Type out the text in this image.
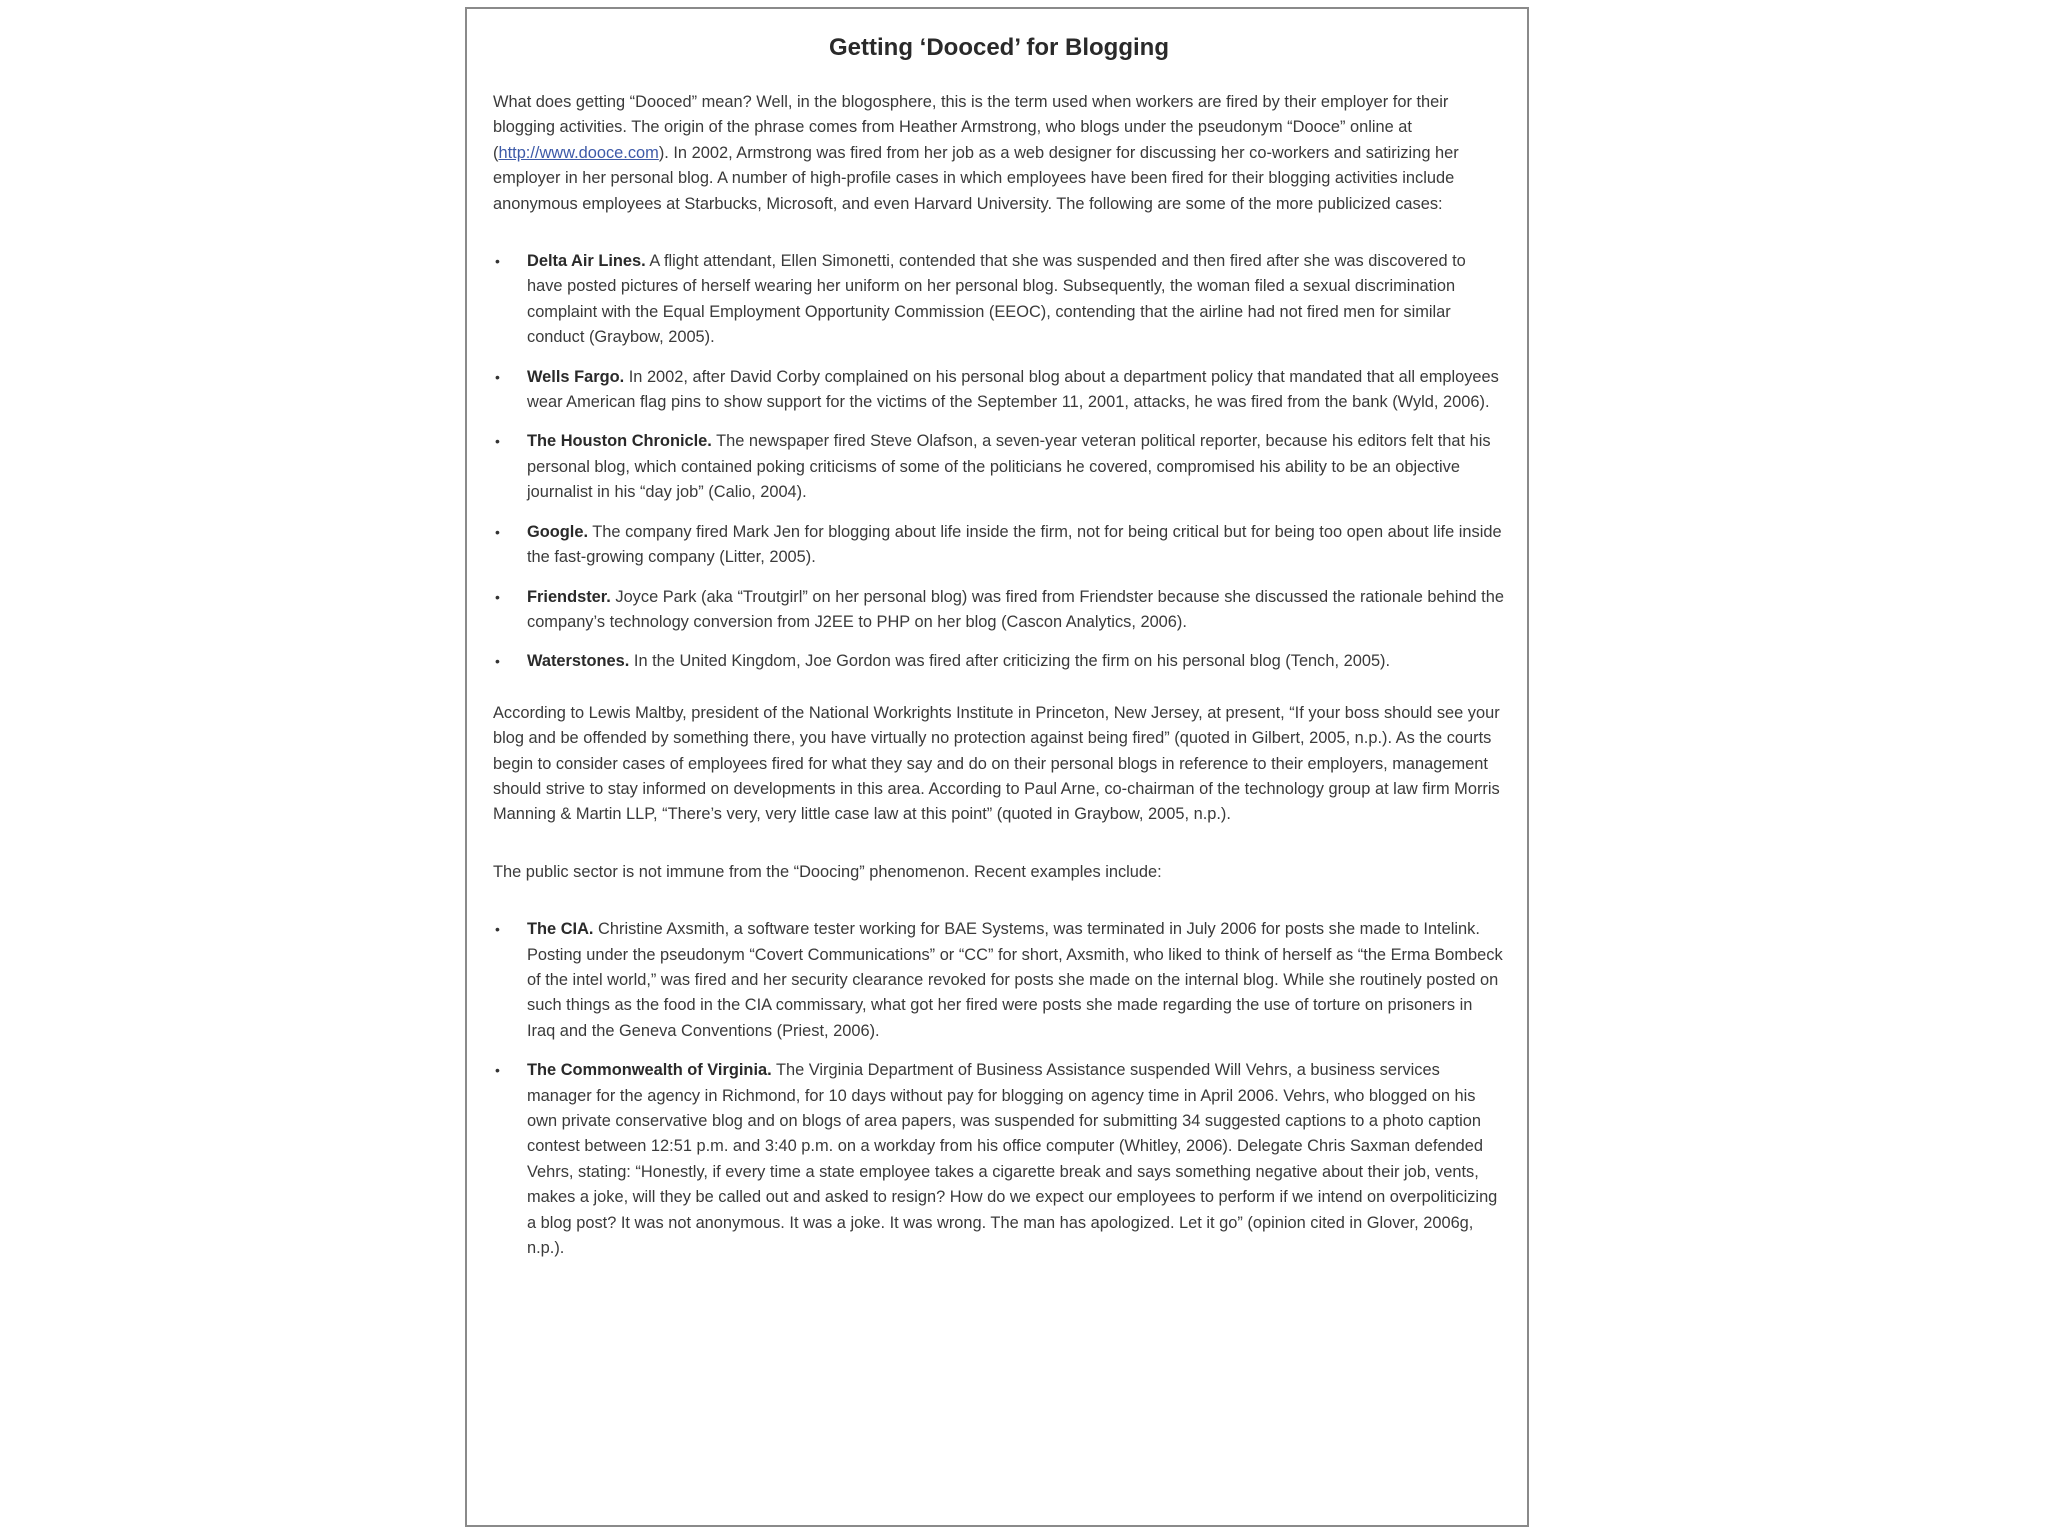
Getting ‘Dooced’ for Blogging

What does getting “Dooced” mean? Well, in the blogosphere, this is the term used when workers are fired by their employer for their blogging activities. The origin of the phrase comes from Heather Armstrong, who blogs under the pseudonym “Dooce” online at (http://www.dooce.com). In 2002, Armstrong was fired from her job as a web designer for discussing her co-workers and satirizing her employer in her personal blog. A number of high-profile cases in which employees have been fired for their blogging activities include anonymous employees at Starbucks, Microsoft, and even Harvard University. The following are some of the more publicized cases:

• Delta Air Lines. A flight attendant, Ellen Simonetti, contended that she was suspended and then fired after she was discovered to have posted pictures of herself wearing her uniform on her personal blog. Subsequently, the woman filed a sexual discrimination complaint with the Equal Employment Opportunity Commission (EEOC), contending that the airline had not fired men for similar conduct (Graybow, 2005).
• Wells Fargo. In 2002, after David Corby complained on his personal blog about a department policy that mandated that all employees wear American flag pins to show support for the victims of the September 11, 2001, attacks, he was fired from the bank (Wyld, 2006).
• The Houston Chronicle. The newspaper fired Steve Olafson, a seven-year veteran political reporter, because his editors felt that his personal blog, which contained poking criticisms of some of the politicians he covered, compromised his ability to be an objective journalist in his “day job” (Calio, 2004).
• Google. The company fired Mark Jen for blogging about life inside the firm, not for being critical but for being too open about life inside the fast-growing company (Litter, 2005).
• Friendster. Joyce Park (aka “Troutgirl” on her personal blog) was fired from Friendster because she discussed the rationale behind the company’s technology conversion from J2EE to PHP on her blog (Cascon Analytics, 2006).
• Waterstones. In the United Kingdom, Joe Gordon was fired after criticizing the firm on his personal blog (Tench, 2005).

According to Lewis Maltby, president of the National Workrights Institute in Princeton, New Jersey, at present, “If your boss should see your blog and be offended by something there, you have virtually no protection against being fired” (quoted in Gilbert, 2005, n.p.). As the courts begin to consider cases of employees fired for what they say and do on their personal blogs in reference to their employers, management should strive to stay informed on developments in this area. According to Paul Arne, co-chairman of the technology group at law firm Morris Manning & Martin LLP, “There’s very, very little case law at this point” (quoted in Graybow, 2005, n.p.).

The public sector is not immune from the “Doocing” phenomenon. Recent examples include:

• The CIA. Christine Axsmith, a software tester working for BAE Systems, was terminated in July 2006 for posts she made to Intelink. Posting under the pseudonym “Covert Communications” or “CC” for short, Axsmith, who liked to think of herself as “the Erma Bombeck of the intel world,” was fired and her security clearance revoked for posts she made on the internal blog. While she routinely posted on such things as the food in the CIA commissary, what got her fired were posts she made regarding the use of torture on prisoners in Iraq and the Geneva Conventions (Priest, 2006).
• The Commonwealth of Virginia. The Virginia Department of Business Assistance suspended Will Vehrs, a business services manager for the agency in Richmond, for 10 days without pay for blogging on agency time in April 2006. Vehrs, who blogged on his own private conservative blog and on blogs of area papers, was suspended for submitting 34 suggested captions to a photo caption contest between 12:51 p.m. and 3:40 p.m. on a workday from his office computer (Whitley, 2006). Delegate Chris Saxman defended Vehrs, stating: “Honestly, if every time a state employee takes a cigarette break and says something negative about their job, vents, makes a joke, will they be called out and asked to resign? How do we expect our employees to perform if we intend on overpoliticizing a blog post? It was not anonymous. It was a joke. It was wrong. The man has apologized. Let it go” (opinion cited in Glover, 2006g, n.p.).
